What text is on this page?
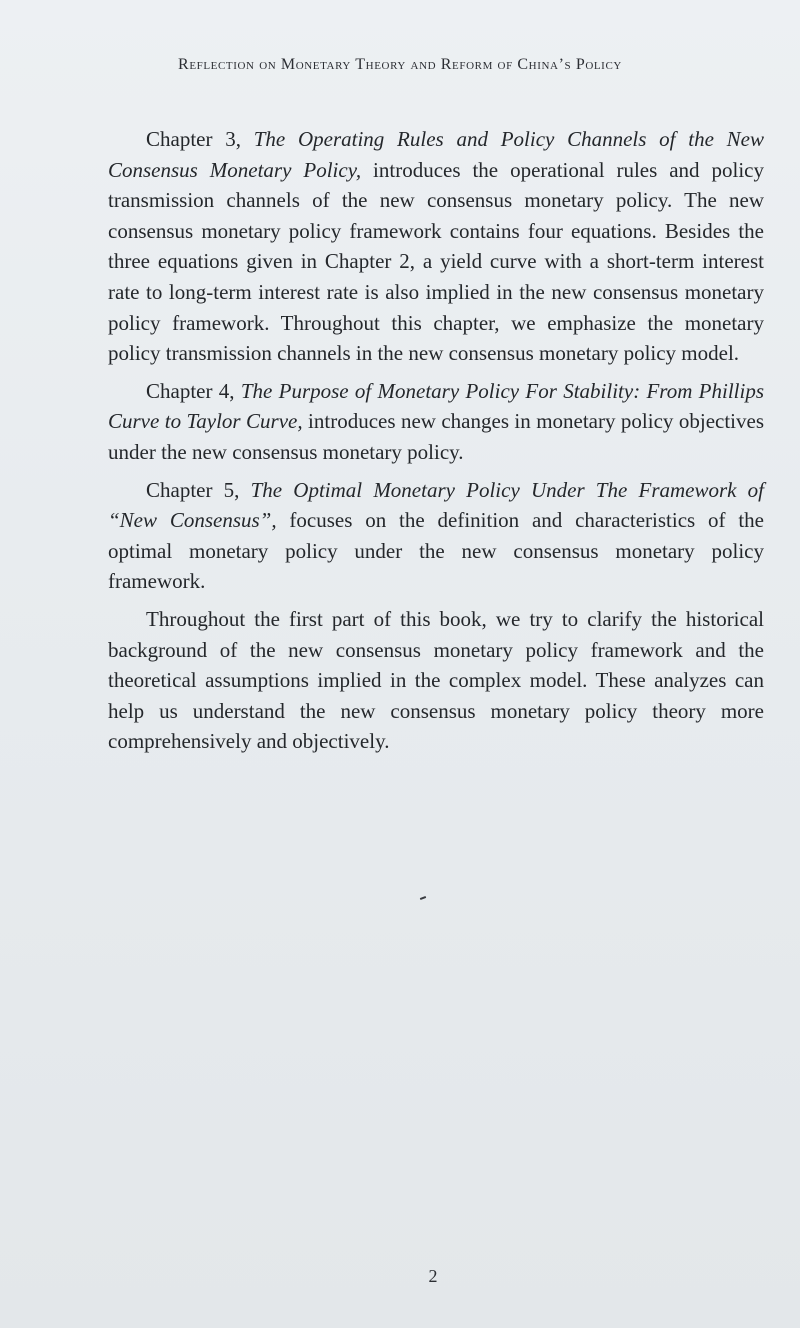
Reflection on Monetary Theory and Reform of China’s Policy

Chapter 3, The Operating Rules and Policy Channels of the New Consensus Monetary Policy, introduces the operational rules and policy transmission channels of the new consensus monetary policy. The new consensus monetary policy framework contains four equations. Besides the three equations given in Chapter 2, a yield curve with a short-term interest rate to long-term interest rate is also implied in the new consensus monetary policy framework. Throughout this chapter, we emphasize the monetary policy transmission channels in the new consensus monetary policy model.

Chapter 4, The Purpose of Monetary Policy For Stability: From Phillips Curve to Taylor Curve, introduces new changes in monetary policy objectives under the new consensus monetary policy.

Chapter 5, The Optimal Monetary Policy Under The Framework of “New Consensus”, focuses on the definition and characteristics of the optimal monetary policy under the new consensus monetary policy framework.

Throughout the first part of this book, we try to clarify the historical background of the new consensus monetary policy framework and the theoretical assumptions implied in the complex model. These analyzes can help us understand the new consensus monetary policy theory more comprehensively and objectively.

2
